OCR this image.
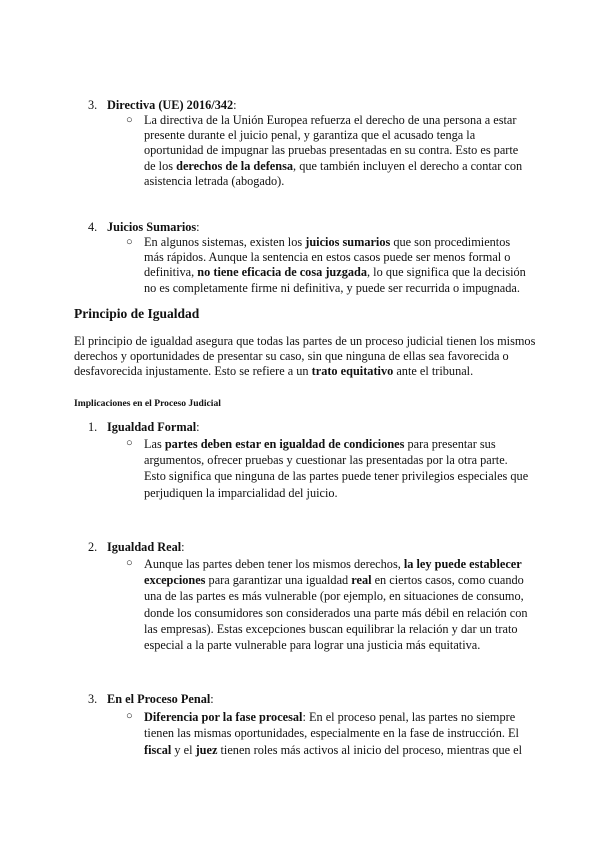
3. Directiva (UE) 2016/342:
○ La directiva de la Unión Europea refuerza el derecho de una persona a estar

presente durante el juicio penal, y garantiza que el acusado tenga la

oportunidad de impugnar las pruebas presentadas en su contra. Esto es parte

de los derechos de la defensa, que también incluyen el derecho a contar con

asistencia letrada (abogado).

4. Juicios Sumarios:
○ En algunos sistemas, existen los juicios sumarios que son procedimientos

más rápidos. Aunque la sentencia en estos casos puede ser menos formal o

definitiva, no tiene eficacia de cosa juzgada, lo que significa que la decisión

no es completamente firme ni definitiva, y puede ser recurrida o impugnada.

Principio de Igualdad

El principio de igualdad asegura que todas las partes de un proceso judicial tienen los mismos

derechos y oportunidades de presentar su caso, sin que ninguna de ellas sea favorecida o

desfavorecida injustamente. Esto se refiere a un trato equitativo ante el tribunal.

Implicaciones en el Proceso Judicial
1. Igualdad Formal:
○ Las partes deben estar en igualdad de condiciones para presentar sus

argumentos, ofrecer pruebas y cuestionar las presentadas por la otra parte.

Esto significa que ninguna de las partes puede tener privilegios especiales que

perjudiquen la imparcialidad del juicio.

2. Igualdad Real:
○ Aunque las partes deben tener los mismos derechos, la ley puede establecer

excepciones para garantizar una igualdad real en ciertos casos, como cuando

una de las partes es más vulnerable (por ejemplo, en situaciones de consumo,

donde los consumidores son considerados una parte más débil en relación con

las empresas). Estas excepciones buscan equilibrar la relación y dar un trato

especial a la parte vulnerable para lograr una justicia más equitativa.

3. En el Proceso Penal:
○ Diferencia por la fase procesal: En el proceso penal, las partes no siempre

tienen las mismas oportunidades, especialmente en la fase de instrucción. El

fiscal y el juez tienen roles más activos al inicio del proceso, mientras que el
